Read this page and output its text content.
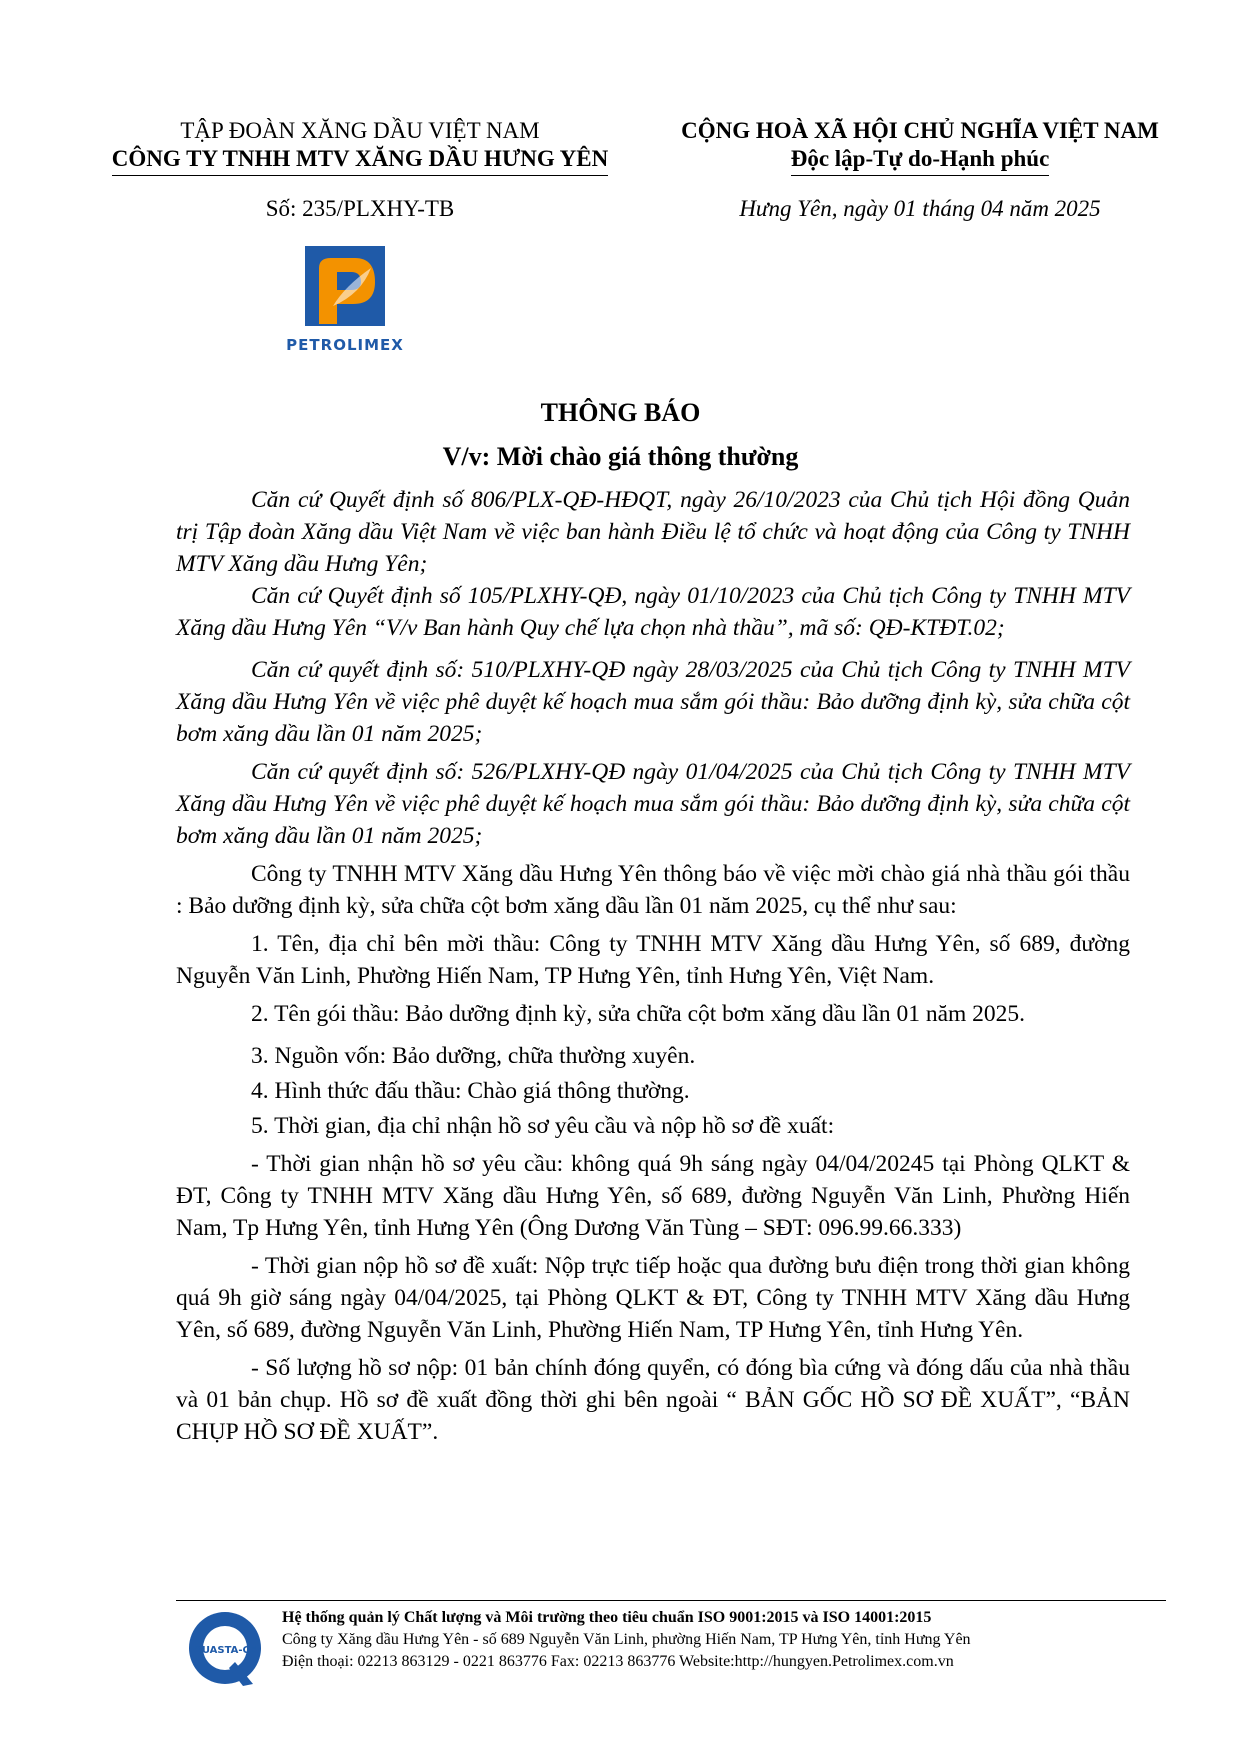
TẬP ĐOÀN XĂNG DẦU VIỆT NAM
CÔNG TY TNHH MTV XĂNG DẦU HƯNG YÊN
CỘNG HOÀ XÃ HỘI CHỦ NGHĨA VIỆT NAM
Độc lập-Tự do-Hạnh phúc
Số: 235/PLXHY-TB	Hưng Yên, ngày 01 tháng 04 năm 2025
PETROLIMEX
THÔNG BÁO
V/v: Mời chào giá thông thường

Căn cứ Quyết định số 806/PLX-QĐ-HĐQT, ngày 26/10/2023 của Chủ tịch Hội đồng Quản trị Tập đoàn Xăng dầu Việt Nam về việc ban hành Điều lệ tổ chức và hoạt động của Công ty TNHH MTV Xăng dầu Hưng Yên;

Căn cứ Quyết định số 105/PLXHY-QĐ, ngày 01/10/2023 của Chủ tịch Công ty TNHH MTV Xăng dầu Hưng Yên “V/v Ban hành Quy chế lựa chọn nhà thầu”, mã số: QĐ-KTĐT.02;

Căn cứ quyết định số: 510/PLXHY-QĐ ngày 28/03/2025 của Chủ tịch Công ty TNHH MTV Xăng dầu Hưng Yên về việc phê duyệt kế hoạch mua sắm gói thầu: Bảo dưỡng định kỳ, sửa chữa cột bơm xăng dầu lần 01 năm 2025;

Căn cứ quyết định số: 526/PLXHY-QĐ ngày 01/04/2025 của Chủ tịch Công ty TNHH MTV Xăng dầu Hưng Yên về việc phê duyệt kế hoạch mua sắm gói thầu: Bảo dưỡng định kỳ, sửa chữa cột bơm xăng dầu lần 01 năm 2025;

Công ty TNHH MTV Xăng dầu Hưng Yên thông báo về việc mời chào giá nhà thầu gói thầu : Bảo dưỡng định kỳ, sửa chữa cột bơm xăng dầu lần 01 năm 2025, cụ thể như sau:

1. Tên, địa chỉ bên mời thầu: Công ty TNHH MTV Xăng dầu Hưng Yên, số 689, đường Nguyễn Văn Linh, Phường Hiến Nam, TP Hưng Yên, tỉnh Hưng Yên, Việt Nam.

2. Tên gói thầu: Bảo dưỡng định kỳ, sửa chữa cột bơm xăng dầu lần 01 năm 2025.

3. Nguồn vốn: Bảo dưỡng, chữa thường xuyên.

4. Hình thức đấu thầu: Chào giá thông thường.

5. Thời gian, địa chỉ nhận hồ sơ yêu cầu và nộp hồ sơ đề xuất:

- Thời gian nhận hồ sơ yêu cầu: không quá 9h sáng ngày 04/04/20245 tại Phòng QLKT & ĐT, Công ty TNHH MTV Xăng dầu Hưng Yên, số 689, đường Nguyễn Văn Linh, Phường Hiến Nam, Tp Hưng Yên, tỉnh Hưng Yên (Ông Dương Văn Tùng – SĐT: 096.99.66.333)

- Thời gian nộp hồ sơ đề xuất: Nộp trực tiếp hoặc qua đường bưu điện trong thời gian không quá 9h giờ sáng ngày 04/04/2025, tại Phòng QLKT & ĐT, Công ty TNHH MTV Xăng dầu Hưng Yên, số 689, đường Nguyễn Văn Linh, Phường Hiến Nam, TP Hưng Yên, tỉnh Hưng Yên.

- Số lượng hồ sơ nộp: 01 bản chính đóng quyển, có đóng bìa cứng và đóng dấu của nhà thầu và 01 bản chụp. Hồ sơ đề xuất đồng thời ghi bên ngoài “ BẢN GỐC HỒ SƠ ĐỀ XUẤT”, “BẢN CHỤP HỒ SƠ ĐỀ XUẤT”.

QUASTA-CE
Hệ thống quản lý Chất lượng và Môi trường theo tiêu chuẩn ISO 9001:2015 và ISO 14001:2015
Công ty Xăng dầu Hưng Yên - số 689 Nguyễn Văn Linh, phường Hiến Nam, TP Hưng Yên, tỉnh Hưng Yên
Điện thoại: 02213 863129 - 0221 863776 Fax: 02213 863776 Website:http://hungyen.Petrolimex.com.vn
